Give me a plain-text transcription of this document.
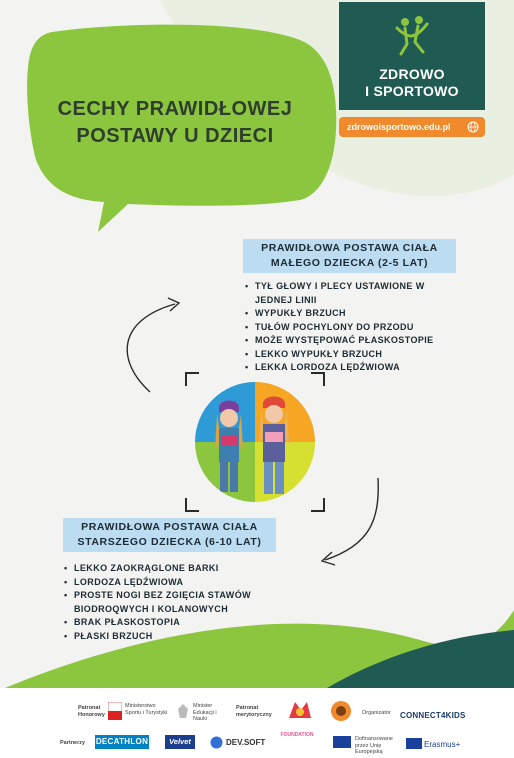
CECHY PRAWIDŁOWEJ POSTAWY U DZIECI
ZDROWO
I SPORTOWO
zdrowoisportowo.edu.pl
PRAWIDŁOWA POSTAWA CIAŁA MAŁEGO DZIECKA (2-5 LAT)
• TYŁ GŁOWY I PLECY USTAWIONE W JEDNEJ LINII
• WYPUKŁY BRZUCH
• TUŁÓW POCHYLONY DO PRZODU
• MOŻE WYSTĘPOWAĆ PŁASKOSTOPIE
• LEKKO WYPUKŁY BRZUCH
• LEKKA LORDOZA LĘDŹWIOWA
PRAWIDŁOWA POSTAWA CIAŁA STARSZEGO DZIECKA (6-10 LAT)
• LEKKO ZAOKRĄGLONE BARKI
• LORDOZA LĘDŹWIOWA
• PROSTE NOGI BEZ ZGIĘCIA STAWÓW BIODROQWYCH I KOLANOWYCH
• BRAK PŁASKOSTOPIA
• PŁASKI BRZUCH
Patronat Honorowy
Ministerstwo Sportu i Turystyki
Minister Edukacji i Nauki
Patronat merytoryczny	Organizator CONNECT4KIDS
Partnerzy DECATHLON	Velvet	DEV.SOFT
FOUNDATION
Dofinansowane przez Unię Europejską
Erasmus+
